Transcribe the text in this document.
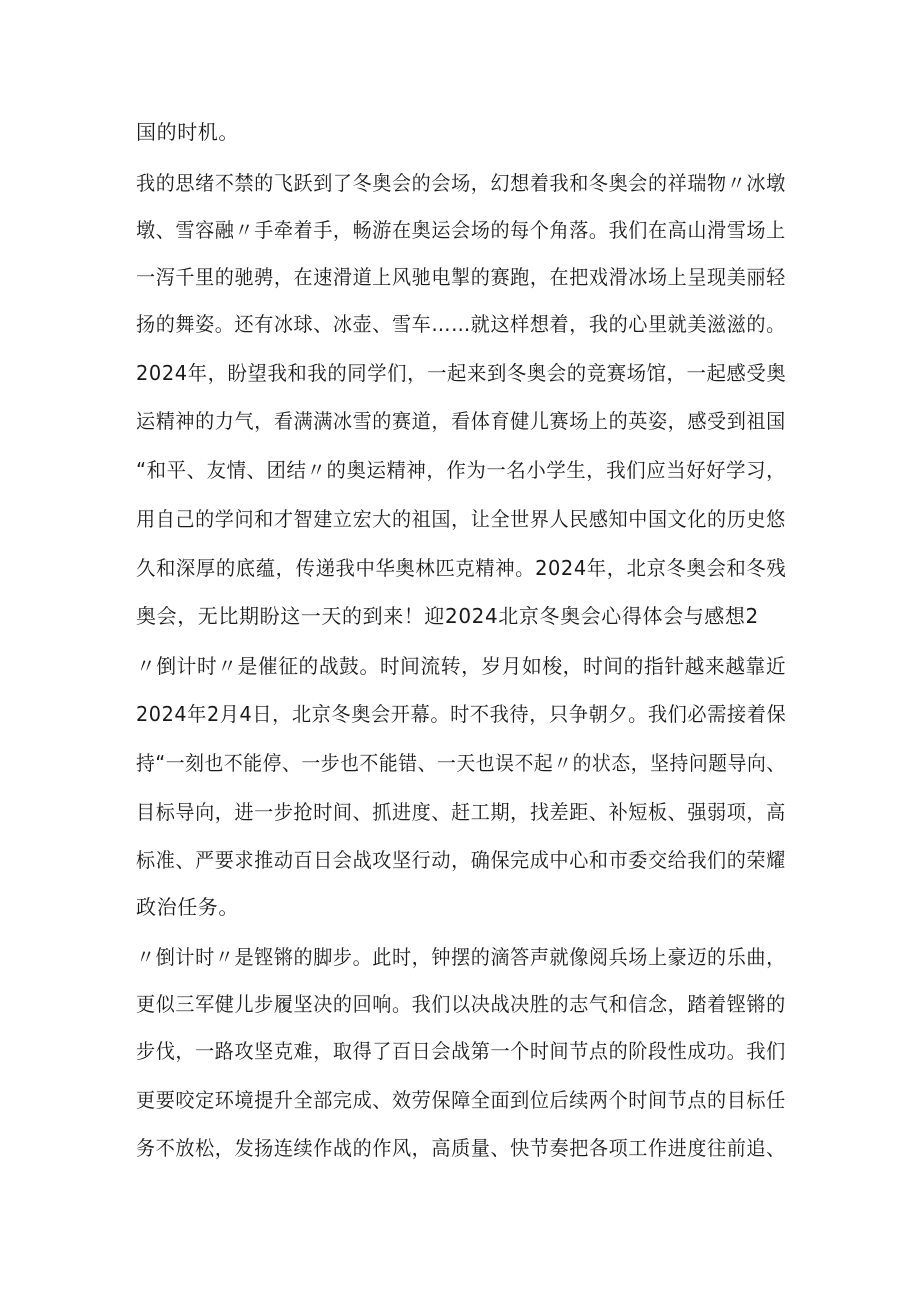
国的时机。
我的思绪不禁的飞跃到了冬奥会的会场，幻想着我和冬奥会的祥瑞物〃冰墩
墩、雪容融〃手牵着手，畅游在奥运会场的每个角落。我们在高山滑雪场上
一泻千里的驰骋，在速滑道上风驰电掣的赛跑，在把戏滑冰场上呈现美丽轻
扬的舞姿。还有冰球、冰壶、雪车……就这样想着，我的心里就美滋滋的。
2024年，盼望我和我的同学们，一起来到冬奥会的竞赛场馆，一起感受奥
运精神的力气，看满满冰雪的赛道，看体育健儿赛场上的英姿，感受到祖国
“和平、友情、团结〃的奥运精神，作为一名小学生，我们应当好好学习，
用自己的学问和才智建立宏大的祖国，让全世界人民感知中国文化的历史悠
久和深厚的底蕴，传递我中华奥林匹克精神。2024年，北京冬奥会和冬残
奥会，无比期盼这一天的到来！迎2024北京冬奥会心得体会与感想2
〃倒计时〃是催征的战鼓。时间流转，岁月如梭，时间的指针越来越靠近
2024年2月4日，北京冬奥会开幕。时不我待，只争朝夕。我们必需接着保
持“一刻也不能停、一步也不能错、一天也误不起〃的状态，坚持问题导向、
目标导向，进一步抢时间、抓进度、赶工期，找差距、补短板、强弱项，高
标准、严要求推动百日会战攻坚行动，确保完成中心和市委交给我们的荣耀
政治任务。
〃倒计时〃是铿锵的脚步。此时，钟摆的滴答声就像阅兵场上豪迈的乐曲，
更似三军健儿步履坚决的回响。我们以决战决胜的志气和信念，踏着铿锵的
步伐，一路攻坚克难，取得了百日会战第一个时间节点的阶段性成功。我们
更要咬定环境提升全部完成、效劳保障全面到位后续两个时间节点的目标任
务不放松，发扬连续作战的作风，高质量、快节奏把各项工作进度往前追、
